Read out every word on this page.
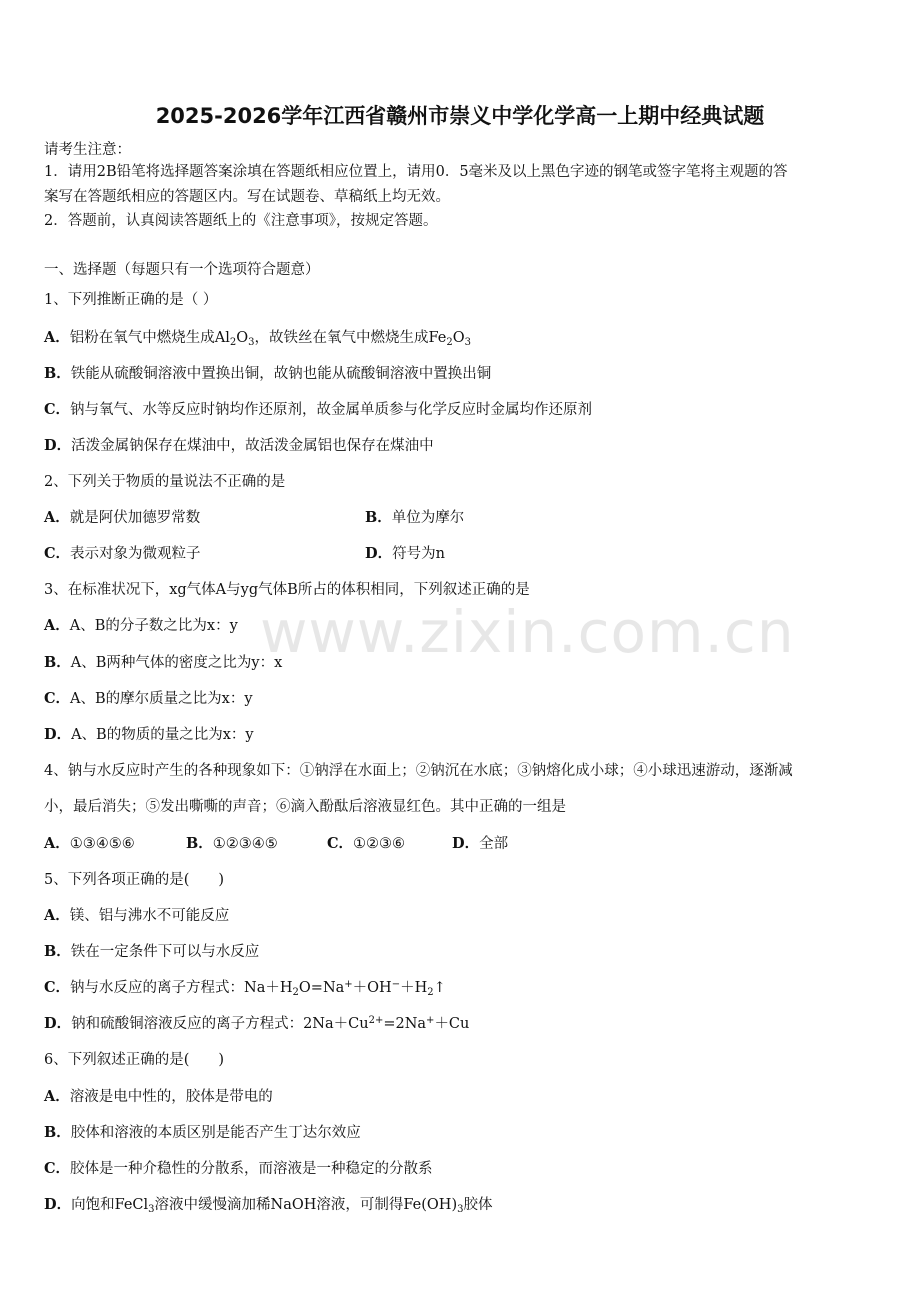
2025-2026学年江西省赣州市崇义中学化学高一上期中经典试题
请考生注意：
1．请用2B铅笔将选择题答案涂填在答题纸相应位置上，请用0．5毫米及以上黑色字迹的钢笔或签字笔将主观题的答
案写在答题纸相应的答题区内。写在试题卷、草稿纸上均无效。
2．答题前，认真阅读答题纸上的《注意事项》，按规定答题。
一、选择题（每题只有一个选项符合题意）
1、下列推断正确的是（ ）
A．铝粉在氧气中燃烧生成$Al_2O_3$，故铁丝在氧气中燃烧生成$Fe_2O_3$
B．铁能从硫酸铜溶液中置换出铜，故钠也能从硫酸铜溶液中置换出铜
C．钠与氧气、水等反应时钠均作还原剂，故金属单质参与化学反应时金属均作还原剂
D．活泼金属钠保存在煤油中，故活泼金属铝也保存在煤油中
2、下列关于物质的量说法不正确的是
A．就是阿伏加德罗常数	B．单位为摩尔
C．表示对象为微观粒子	D．符号为n
3、在标准状况下，xg气体A与yg气体B所占的体积相同，下列叙述正确的是
A．A、B的分子数之比为x：y
B．A、B两种气体的密度之比为y：x
C．A、B的摩尔质量之比为x：y
D．A、B的物质的量之比为x：y
4、钠与水反应时产生的各种现象如下：①钠浮在水面上；②钠沉在水底；③钠熔化成小球；④小球迅速游动，逐渐减
小，最后消失；⑤发出嘶嘶的声音；⑥滴入酚酞后溶液显红色。其中正确的一组是
A．①③④⑤⑥	B．①②③④⑤	C．①②③⑥	D．全部
5、下列各项正确的是(　　)
A．镁、铝与沸水不可能反应
B．铁在一定条件下可以与水反应
C．钠与水反应的离子方程式：$Na+H_2O=Na^++OH^-+H_2↑$
D．钠和硫酸铜溶液反应的离子方程式：$2Na+Cu^{2+}=2Na^++Cu$
6、下列叙述正确的是(　　)
A．溶液是电中性的，胶体是带电的
B．胶体和溶液的本质区别是能否产生丁达尔效应
C．胶体是一种介稳性的分散系，而溶液是一种稳定的分散系
D．向饱和FeCl$_3$溶液中缓慢滴加稀NaOH溶液，可制得$Fe(OH)_3$胶体
www.zixin.com.cn
